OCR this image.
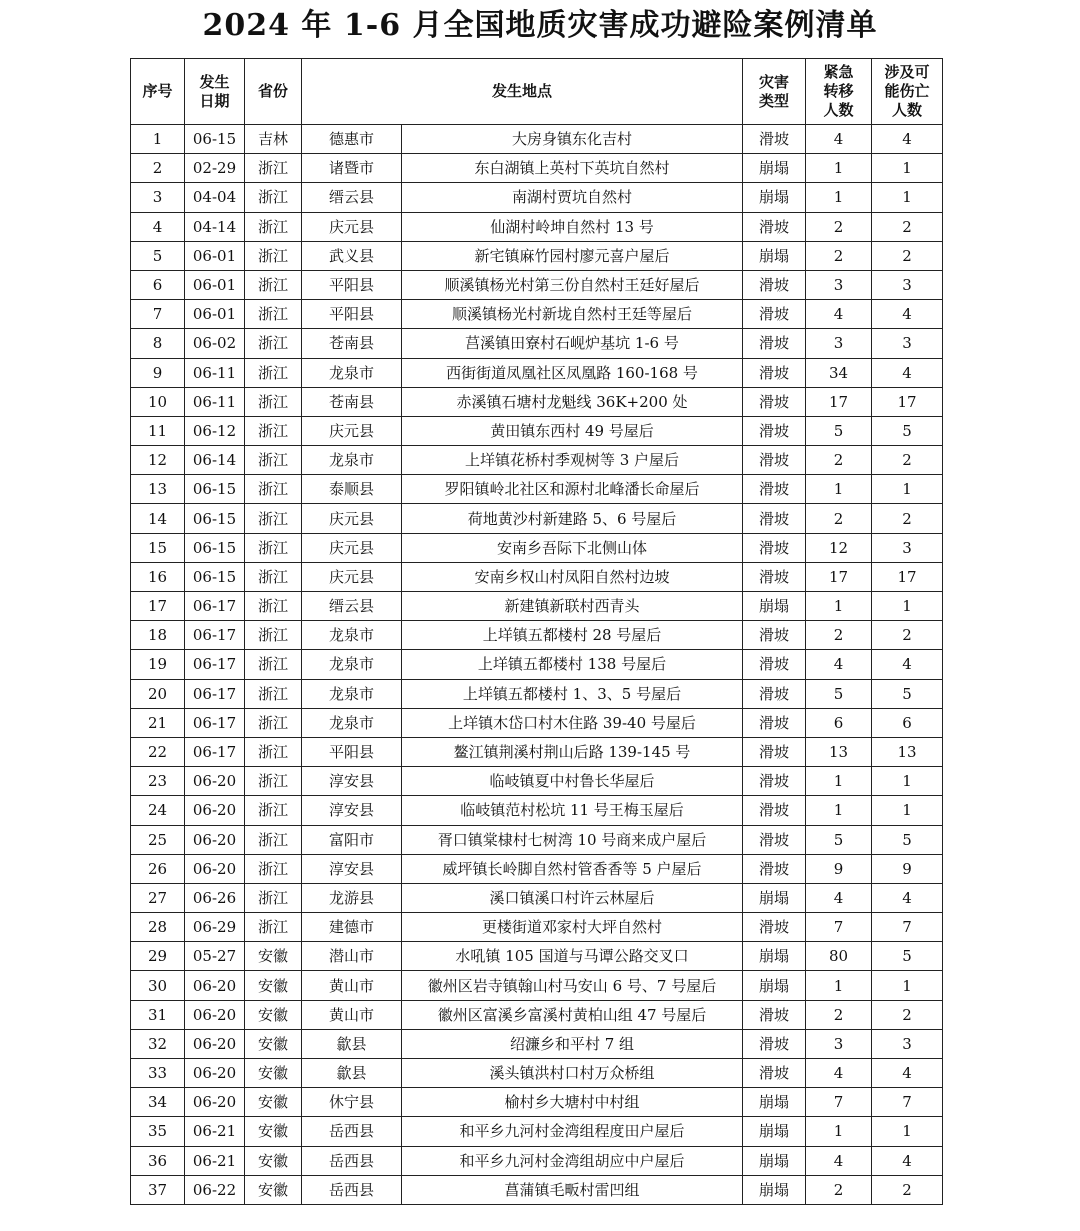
2024 年 1-6 月全国地质灾害成功避险案例清单
序号	发生日期	省份	发生地点		灾害类型	紧急转移人数	涉及可能伤亡人数
1	06-15	吉林	德惠市	大房身镇东化吉村	滑坡	4	4
2	02-29	浙江	诸暨市	东白湖镇上英村下英坑自然村	崩塌	1	1
3	04-04	浙江	缙云县	南湖村贾坑自然村	崩塌	1	1
4	04-14	浙江	庆元县	仙湖村岭坤自然村 13 号	滑坡	2	2
5	06-01	浙江	武义县	新宅镇麻竹园村廖元喜户屋后	崩塌	2	2
6	06-01	浙江	平阳县	顺溪镇杨光村第三份自然村王廷好屋后	滑坡	3	3
7	06-01	浙江	平阳县	顺溪镇杨光村新垅自然村王廷等屋后	滑坡	4	4
8	06-02	浙江	苍南县	莒溪镇田寮村石岘炉基坑 1-6 号	滑坡	3	3
9	06-11	浙江	龙泉市	西街街道凤凰社区凤凰路 160-168 号	滑坡	34	4
10	06-11	浙江	苍南县	赤溪镇石塘村龙魁线 36K+200 处	滑坡	17	17
11	06-12	浙江	庆元县	黄田镇东西村 49 号屋后	滑坡	5	5
12	06-14	浙江	龙泉市	上垟镇花桥村季观树等 3 户屋后	滑坡	2	2
13	06-15	浙江	泰顺县	罗阳镇岭北社区和源村北峰潘长命屋后	滑坡	1	1
14	06-15	浙江	庆元县	荷地黄沙村新建路 5、6 号屋后	滑坡	2	2
15	06-15	浙江	庆元县	安南乡吾际下北侧山体	滑坡	12	3
16	06-15	浙江	庆元县	安南乡权山村凤阳自然村边坡	滑坡	17	17
17	06-17	浙江	缙云县	新建镇新联村西青头	崩塌	1	1
18	06-17	浙江	龙泉市	上垟镇五都楼村 28 号屋后	滑坡	2	2
19	06-17	浙江	龙泉市	上垟镇五都楼村 138 号屋后	滑坡	4	4
20	06-17	浙江	龙泉市	上垟镇五都楼村 1、3、5 号屋后	滑坡	5	5
21	06-17	浙江	龙泉市	上垟镇木岱口村木住路 39-40 号屋后	滑坡	6	6
22	06-17	浙江	平阳县	鳌江镇荆溪村荆山后路 139-145 号	滑坡	13	13
23	06-20	浙江	淳安县	临岐镇夏中村鲁长华屋后	滑坡	1	1
24	06-20	浙江	淳安县	临岐镇范村松坑 11 号王梅玉屋后	滑坡	1	1
25	06-20	浙江	富阳市	胥口镇棠棣村七树湾 10 号商来成户屋后	滑坡	5	5
26	06-20	浙江	淳安县	威坪镇长岭脚自然村管香香等 5 户屋后	滑坡	9	9
27	06-26	浙江	龙游县	溪口镇溪口村许云林屋后	崩塌	4	4
28	06-29	浙江	建德市	更楼街道邓家村大坪自然村	滑坡	7	7
29	05-27	安徽	潜山市	水吼镇 105 国道与马谭公路交叉口	崩塌	80	5
30	06-20	安徽	黄山市	徽州区岩寺镇翰山村马安山 6 号、7 号屋后	崩塌	1	1
31	06-20	安徽	黄山市	徽州区富溪乡富溪村黄柏山组 47 号屋后	滑坡	2	2
32	06-20	安徽	歙县	绍濂乡和平村 7 组	滑坡	3	3
33	06-20	安徽	歙县	溪头镇洪村口村万众桥组	滑坡	4	4
34	06-20	安徽	休宁县	榆村乡大塘村中村组	崩塌	7	7
35	06-21	安徽	岳西县	和平乡九河村金湾组程度田户屋后	崩塌	1	1
36	06-21	安徽	岳西县	和平乡九河村金湾组胡应中户屋后	崩塌	4	4
37	06-22	安徽	岳西县	菖蒲镇毛畈村雷凹组	崩塌	2	2
